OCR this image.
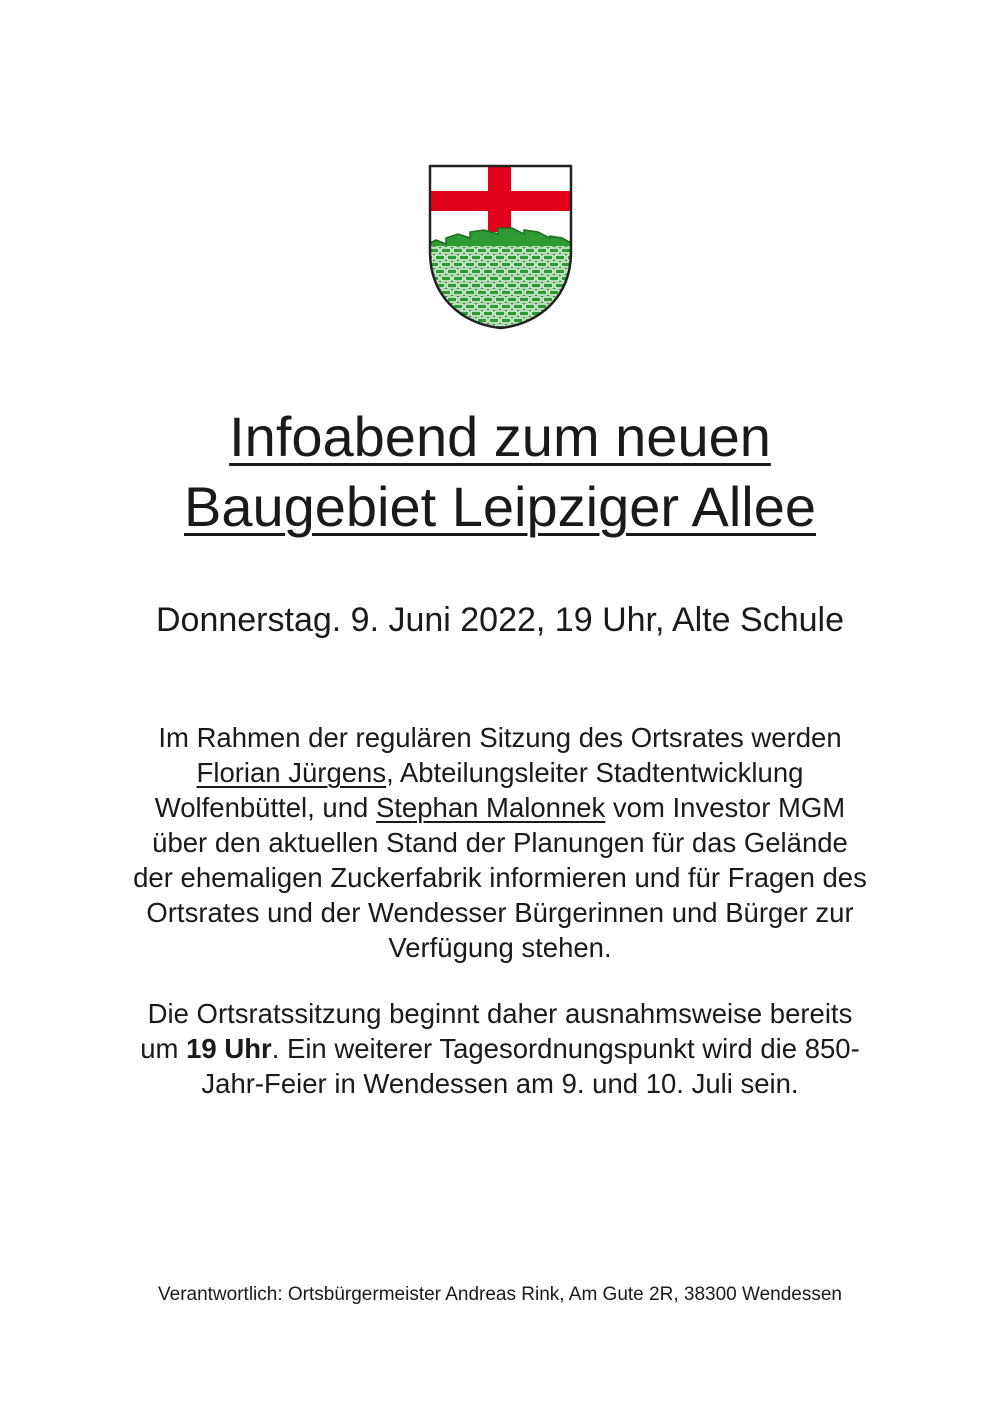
Infoabend zum neuen
Baugebiet Leipziger Allee

Donnerstag. 9. Juni 2022, 19 Uhr, Alte Schule

Im Rahmen der regulären Sitzung des Ortsrates werden
Florian Jürgens, Abteilungsleiter Stadtentwicklung
Wolfenbüttel, und Stephan Malonnek vom Investor MGM
über den aktuellen Stand der Planungen für das Gelände
der ehemaligen Zuckerfabrik informieren und für Fragen des
Ortsrates und der Wendesser Bürgerinnen und Bürger zur
Verfügung stehen.

Die Ortsratssitzung beginnt daher ausnahmsweise bereits
um 19 Uhr. Ein weiterer Tagesordnungspunkt wird die 850-
Jahr-Feier in Wendessen am 9. und 10. Juli sein.

Verantwortlich: Ortsbürgermeister Andreas Rink, Am Gute 2R, 38300 Wendessen
